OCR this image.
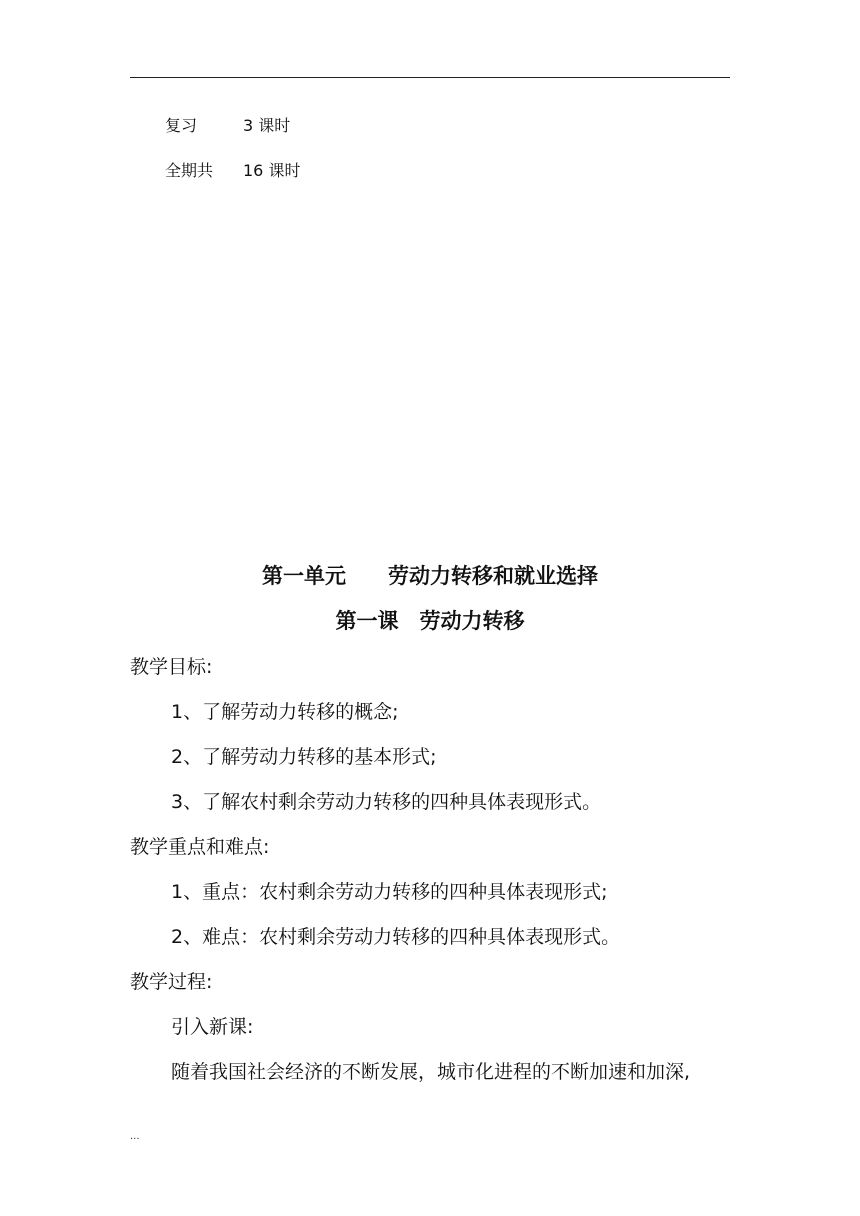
复习	3 课时
全期共 16 课时
第一单元　　劳动力转移和就业选择
第一课　劳动力转移
教学目标:
1、了解劳动力转移的概念;
2、了解劳动力转移的基本形式;
3、了解农村剩余劳动力转移的四种具体表现形式。
教学重点和难点:
1、重点：农村剩余劳动力转移的四种具体表现形式;
2、难点：农村剩余劳动力转移的四种具体表现形式。
教学过程:
引入新课:
随着我国社会经济的不断发展，城市化进程的不断加速和加深,
...
